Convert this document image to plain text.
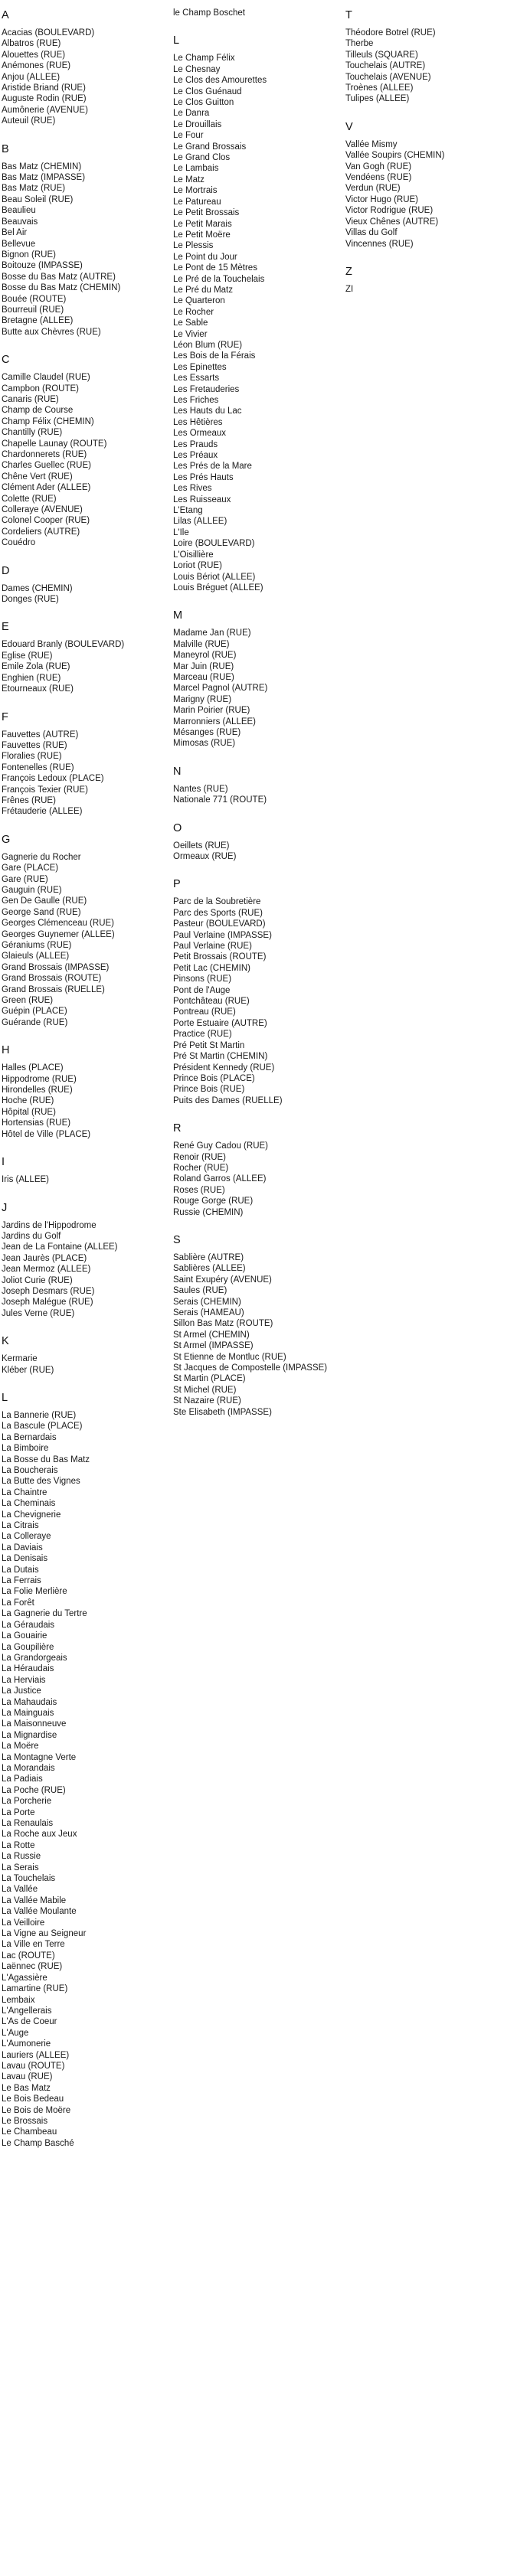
A
Acacias (BOULEVARD)
Albatros (RUE)
Alouettes (RUE)
Anémones (RUE)
Anjou (ALLEE)
Aristide Briand (RUE)
Auguste Rodin (RUE)
Aumônerie (AVENUE)
Auteuil (RUE)
B
Bas Matz (CHEMIN)
Bas Matz (IMPASSE)
Bas Matz (RUE)
Beau Soleil (RUE)
Beaulieu
Beauvais
Bel Air
Bellevue
Bignon (RUE)
Boitouze (IMPASSE)
Bosse du Bas Matz (AUTRE)
Bosse du Bas Matz (CHEMIN)
Bouée (ROUTE)
Bourreuil (RUE)
Bretagne (ALLEE)
Butte aux Chèvres (RUE)
C
Camille Claudel (RUE)
Campbon (ROUTE)
Canaris (RUE)
Champ de Course
Champ Félix (CHEMIN)
Chantilly (RUE)
Chapelle Launay (ROUTE)
Chardonnerets (RUE)
Charles Guellec (RUE)
Chêne Vert (RUE)
Clément Ader (ALLEE)
Colette (RUE)
Colleraye (AVENUE)
Colonel Cooper (RUE)
Cordeliers (AUTRE)
Couédro
D
Dames (CHEMIN)
Donges (RUE)
E
Edouard Branly (BOULEVARD)
Eglise (RUE)
Emile Zola (RUE)
Enghien (RUE)
Etourneaux (RUE)
F
Fauvettes (AUTRE)
Fauvettes (RUE)
Floralies (RUE)
Fontenelles (RUE)
François Ledoux (PLACE)
François Texier (RUE)
Frênes (RUE)
Frétauderie (ALLEE)
G
Gagnerie du Rocher
Gare (PLACE)
Gare (RUE)
Gauguin (RUE)
Gen De Gaulle (RUE)
George Sand (RUE)
Georges Clémenceau (RUE)
Georges Guynemer (ALLEE)
Géraniums (RUE)
Glaieuls (ALLEE)
Grand Brossais (IMPASSE)
Grand Brossais (ROUTE)
Grand Brossais (RUELLE)
Green (RUE)
Guépin (PLACE)
Guérande (RUE)
H
Halles (PLACE)
Hippodrome (RUE)
Hirondelles (RUE)
Hoche (RUE)
Hôpital (RUE)
Hortensias (RUE)
Hôtel de Ville (PLACE)
I
Iris (ALLEE)
J
Jardins de l'Hippodrome
Jardins du Golf
Jean de La Fontaine (ALLEE)
Jean Jaurès (PLACE)
Jean Mermoz (ALLEE)
Joliot Curie (RUE)
Joseph Desmars (RUE)
Joseph Malégue (RUE)
Jules Verne (RUE)
K
Kermarie
Kléber (RUE)
L
La Bannerie (RUE)
La Bascule (PLACE)
La Bernardais
La Bimboire
La Bosse du Bas Matz
La Boucherais
La Butte des Vignes
La Chaintre
La Cheminais
La Chevignerie
La Citrais
La Colleraye
La Daviais
La Denisais
La Dutais
La Ferrais
La Folie Merlière
La Forêt
La Gagnerie du Tertre
La Géraudais
La Gouairie
La Goupilière
La Grandorgeais
La Héraudais
La Herviais
La Justice
La Mahaudais
La Mainguais
La Maisonneuve
La Mignardise
La Moëre
La Montagne Verte
La Morandais
La Padiais
La Poche (RUE)
La Porcherie
La Porte
La Renaulais
La Roche aux Jeux
La Rotte
La Russie
La Serais
La Touchelais
La Vallée
La Vallée Mabile
La Vallée Moulante
La Veilloire
La Vigne au Seigneur
La Ville en Terre
Lac (ROUTE)
Laënnec (RUE)
L'Agassière
Lamartine (RUE)
Lembaix
L'Angellerais
L'As de Coeur
L'Auge
L'Aumonerie
Lauriers (ALLEE)
Lavau (ROUTE)
Lavau (RUE)
Le Bas Matz
Le Bois Bedeau
Le Bois de Moëre
Le Brossais
Le Chambeau
Le Champ Basché
le Champ Boschet
L
Le Champ Félix
Le Chesnay
Le Clos des Amourettes
Le Clos Guénaud
Le Clos Guitton
Le Danra
Le Drouillais
Le Four
Le Grand Brossais
Le Grand Clos
Le Lambais
Le Matz
Le Mortrais
Le Patureau
Le Petit Brossais
Le Petit Marais
Le Petit Moëre
Le Plessis
Le Point du Jour
Le Pont de 15 Mètres
Le Pré de la Touchelais
Le Pré du Matz
Le Quarteron
Le Rocher
Le Sable
Le Vivier
Léon Blum (RUE)
Les Bois de la Férais
Les Epinettes
Les Essarts
Les Fretauderies
Les Friches
Les Hauts du Lac
Les Hêtières
Les Ormeaux
Les Prauds
Les Préaux
Les Prés de la Mare
Les Prés Hauts
Les Rives
Les Ruisseaux
L'Etang
Lilas (ALLEE)
L'Ile
Loire (BOULEVARD)
L'Oisillière
Loriot (RUE)
Louis Bériot (ALLEE)
Louis Bréguet (ALLEE)
M
Madame Jan (RUE)
Malville (RUE)
Maneyrol (RUE)
Mar Juin (RUE)
Marceau (RUE)
Marcel Pagnol (AUTRE)
Marigny (RUE)
Marin Poirier (RUE)
Marronniers (ALLEE)
Mésanges (RUE)
Mimosas (RUE)
N
Nantes (RUE)
Nationale 771 (ROUTE)
O
Oeillets (RUE)
Ormeaux (RUE)
P
Parc de la Soubretière
Parc des Sports (RUE)
Pasteur (BOULEVARD)
Paul Verlaine (IMPASSE)
Paul Verlaine (RUE)
Petit Brossais (ROUTE)
Petit Lac (CHEMIN)
Pinsons (RUE)
Pont de l'Auge
Pontchâteau (RUE)
Pontreau (RUE)
Porte Estuaire (AUTRE)
Practice (RUE)
Pré Petit St Martin
Pré St Martin (CHEMIN)
Président Kennedy (RUE)
Prince Bois (PLACE)
Prince Bois (RUE)
Puits des Dames (RUELLE)
R
René Guy Cadou (RUE)
Renoir (RUE)
Rocher (RUE)
Roland Garros (ALLEE)
Roses (RUE)
Rouge Gorge (RUE)
Russie (CHEMIN)
S
Sablière (AUTRE)
Sablières (ALLEE)
Saint Exupéry (AVENUE)
Saules (RUE)
Serais (CHEMIN)
Serais (HAMEAU)
Sillon Bas Matz (ROUTE)
St Armel (CHEMIN)
St Armel (IMPASSE)
St Etienne de Montluc (RUE)
St Jacques de Compostelle (IMPASSE)
St Martin (PLACE)
St Michel (RUE)
St Nazaire (RUE)
Ste Elisabeth (IMPASSE)
T
Théodore Botrel (RUE)
Therbe
Tilleuls (SQUARE)
Touchelais (AUTRE)
Touchelais (AVENUE)
Troènes (ALLEE)
Tulipes (ALLEE)
V
Vallée Mismy
Vallée Soupirs (CHEMIN)
Van Gogh (RUE)
Vendéens (RUE)
Verdun (RUE)
Victor Hugo (RUE)
Victor Rodrigue (RUE)
Vieux Chênes (AUTRE)
Villas du Golf
Vincennes (RUE)
Z
ZI
